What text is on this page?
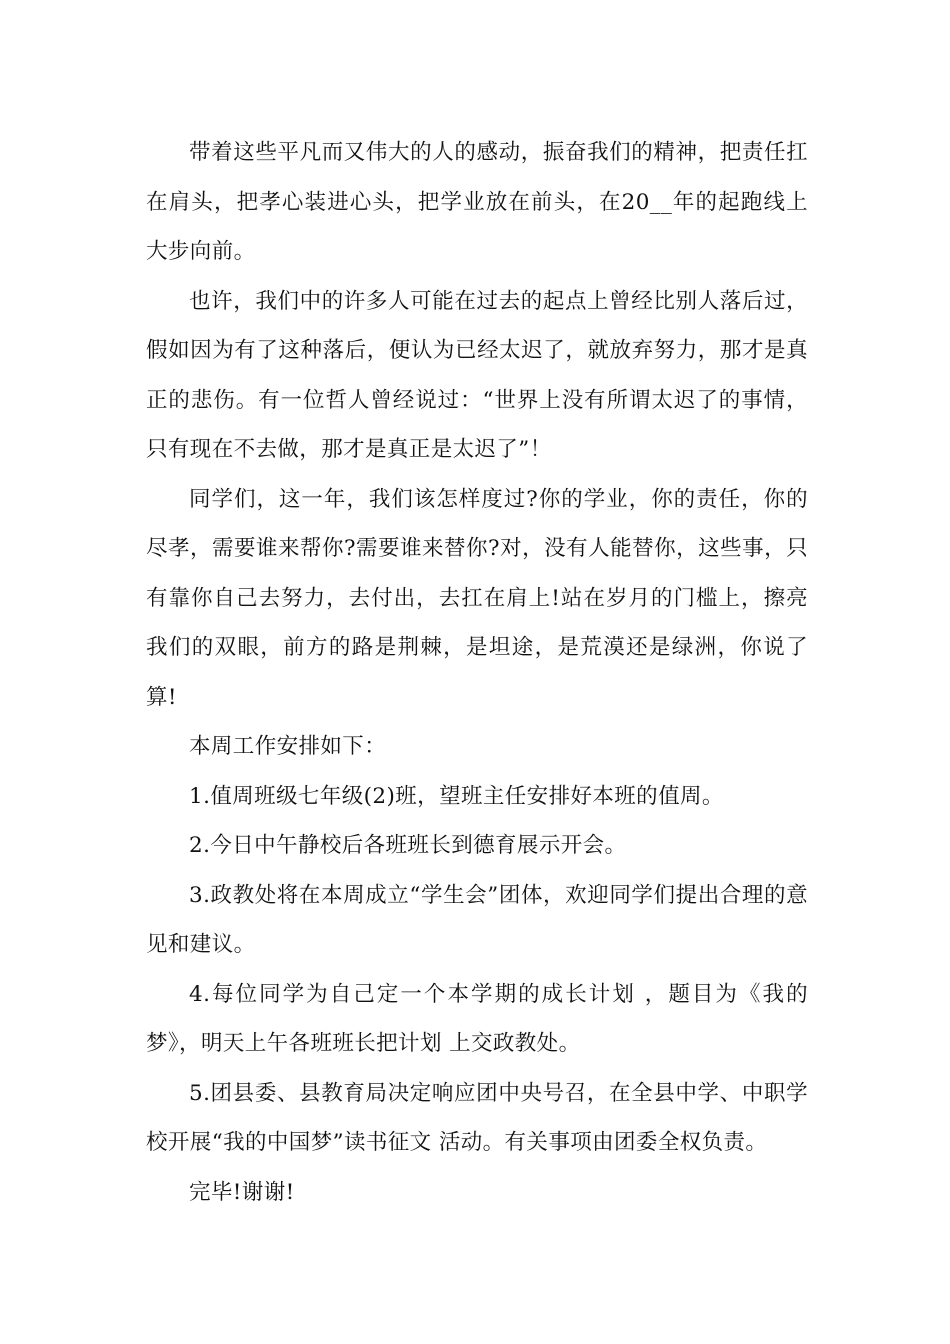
带着这些平凡而又伟大的人的感动，振奋我们的精神，把责任扛在肩头，把孝心装进心头，把学业放在前头，在20__年的起跑线上大步向前。

也许，我们中的许多人可能在过去的起点上曾经比别人落后过，假如因为有了这种落后，便认为已经太迟了，就放弃努力，那才是真正的悲伤。有一位哲人曾经说过：“世界上没有所谓太迟了的事情，只有现在不去做，那才是真正是太迟了”！

同学们，这一年，我们该怎样度过?你的学业，你的责任，你的尽孝，需要谁来帮你?需要谁来替你?对，没有人能替你，这些事，只有靠你自己去努力，去付出，去扛在肩上!站在岁月的门槛上，擦亮我们的双眼，前方的路是荆棘，是坦途，是荒漠还是绿洲，你说了算!

本周工作安排如下：

1.值周班级七年级(2)班，望班主任安排好本班的值周。

2.今日中午静校后各班班长到德育展示开会。

3.政教处将在本周成立“学生会”团体，欢迎同学们提出合理的意见和建议。

4.每位同学为自己定一个本学期的成长计划 ，题目为《我的梦》，明天上午各班班长把计划 上交政教处。

5.团县委、县教育局决定响应团中央号召，在全县中学、中职学校开展“我的中国梦”读书征文 活动。有关事项由团委全权负责。

完毕!谢谢!
